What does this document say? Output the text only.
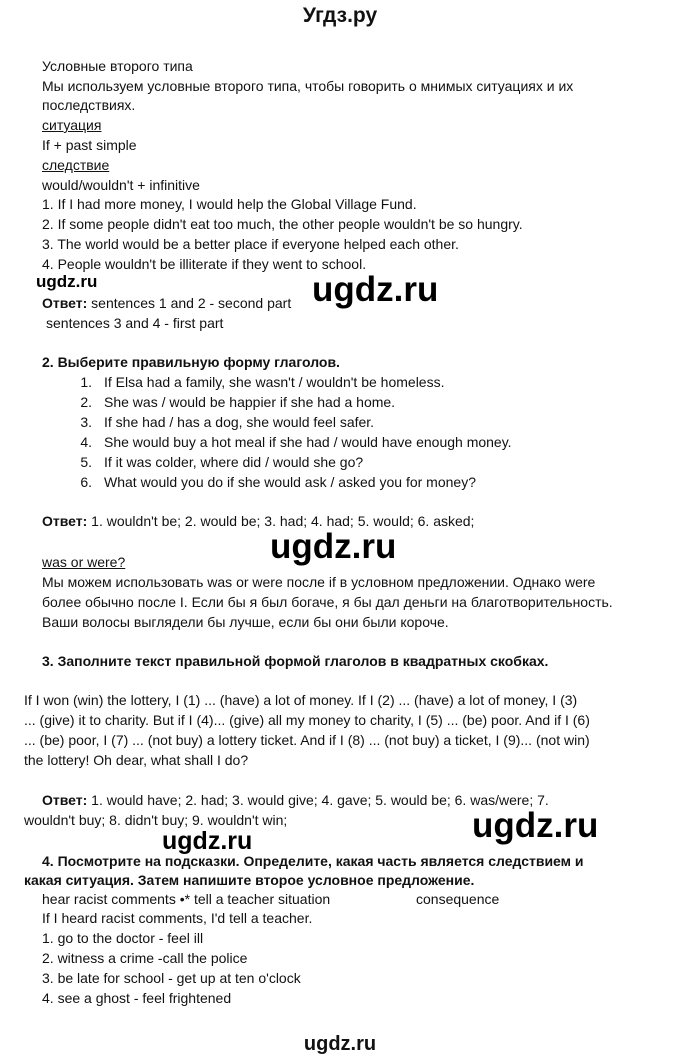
Угдз.ру
Условные второго типа
Мы используем условные второго типа, чтобы говорить о мнимых ситуациях и их
последствиях.
ситуация
If + past simple
следствие
would/wouldn't + infinitive
1. If I had more money, I would help the Global Village Fund.
2. If some people didn't eat too much, the other people wouldn't be so hungry.
3. The world would be a better place if everyone helped each other.
4. People wouldn't be illiterate if they went to school.
ugdz.ru	ugdz.ru
Ответ: sentences 1 and 2 - second part
sentences 3 and 4 - first part
2. Выберите правильную форму глаголов.
1. If Elsa had a family, she wasn't / wouldn't be homeless.
2. She was / would be happier if she had a home.
3. If she had / has a dog, she would feel safer.
4. She would buy a hot meal if she had / would have enough money.
5. If it was colder, where did / would she go?
6. What would you do if she would ask / asked you for money?
Ответ: 1. wouldn't be; 2. would be; 3. had; 4. had; 5. would; 6. asked;
ugdz.ru
was or were?
Мы можем использовать was or were после if в условном предложении. Однако were
более обычно после I. Если бы я был богаче, я бы дал деньги на благотворительность.
Ваши волосы выглядели бы лучше, если бы они были короче.
3. Заполните текст правильной формой глаголов в квадратных скобках.
If I won (win) the lottery, I (1) ... (have) a lot of money. If I (2) ... (have) a lot of money, I (3)
... (give) it to charity. But if I (4)... (give) all my money to charity, I (5) ... (be) poor. And if I (6)
... (be) poor, I (7) ... (not buy) a lottery ticket. And if I (8) ... (not buy) a ticket, I (9)... (not win)
the lottery! Oh dear, what shall I do?
Ответ: 1. would have; 2. had; 3. would give; 4. gave; 5. would be; 6. was/were; 7.
wouldn't buy; 8. didn't buy; 9. wouldn't win;	ugdz.ru
ugdz.ru
4. Посмотрите на подсказки. Определите, какая часть является следствием и
какая ситуация. Затем напишите второе условное предложение.
hear racist comments •* tell a teacher situation	consequence
If I heard racist comments, I'd tell a teacher.
1. go to the doctor - feel ill
2. witness a crime -call the police
3. be late for school - get up at ten o'clock
4. see a ghost - feel frightened
ugdz.ru
